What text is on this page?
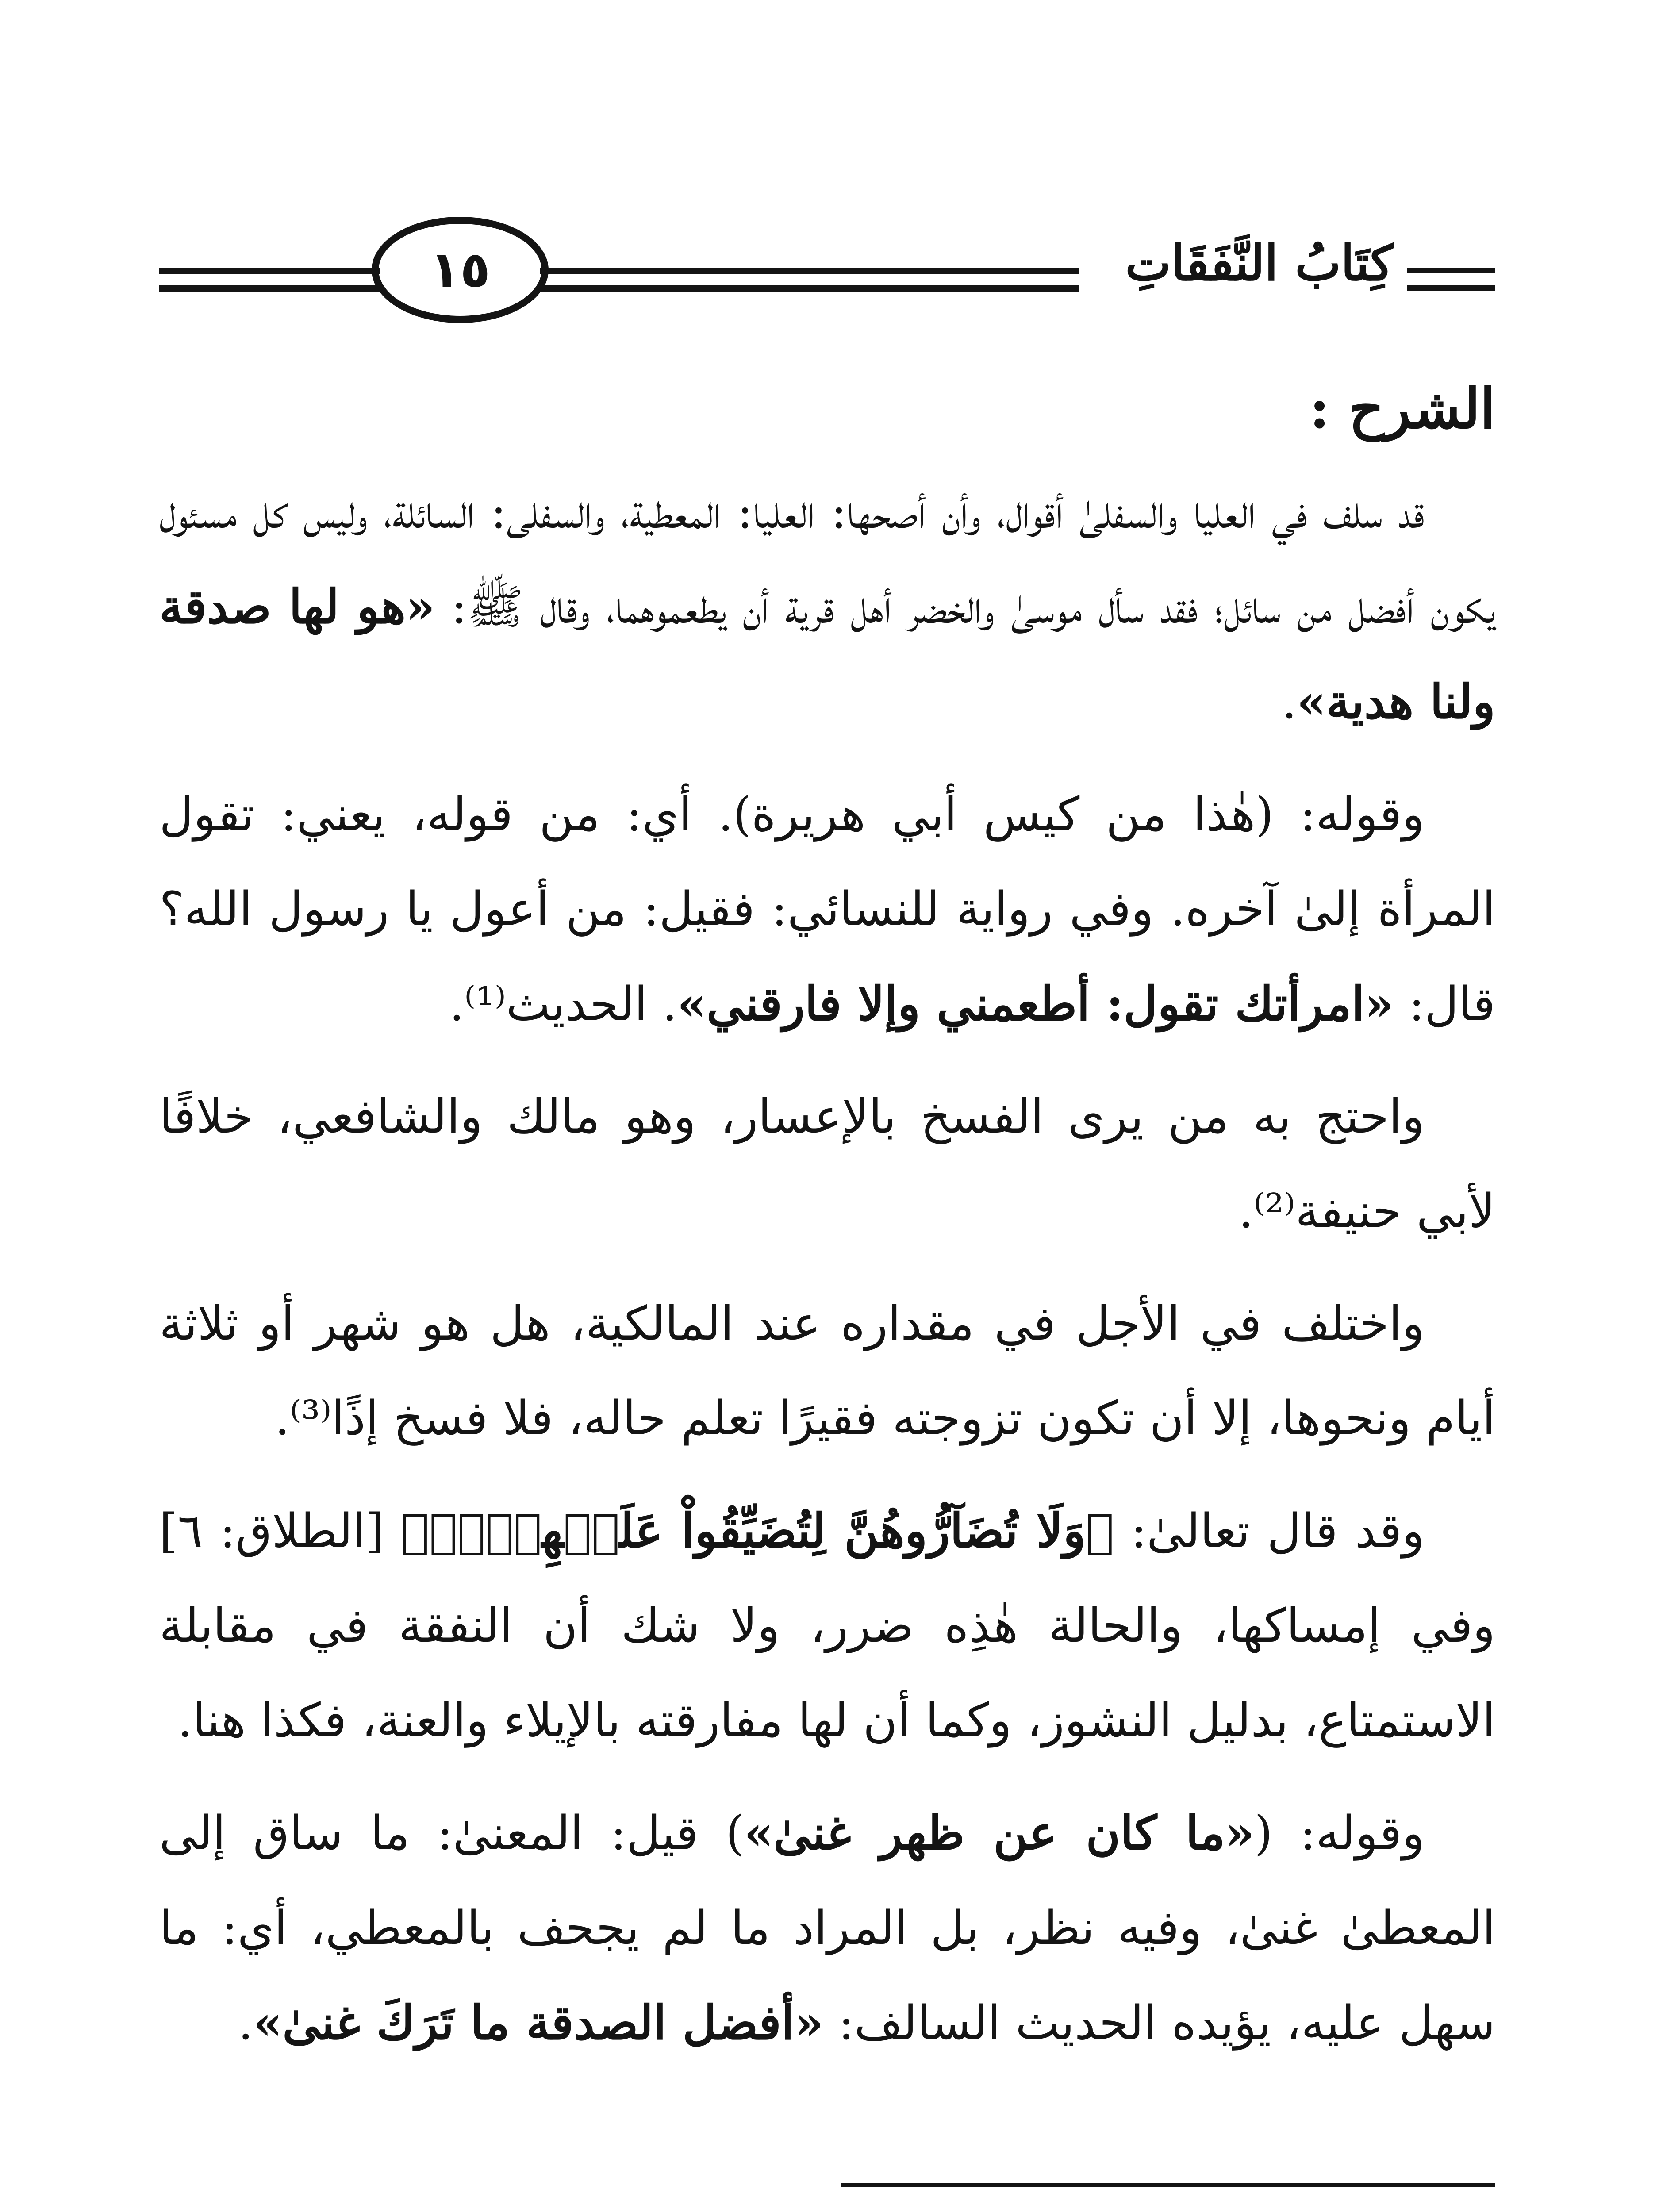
١٥	كِتَابُ النَّفَقَاتِ
الشرح :
قد سلف في العليا والسفلىٰ أقوال، وأن أصحها: العليا: المعطية، والسفلى: السائلة، وليس كل مسئول يكون أفضل من سائل؛ فقد سأل موسىٰ والخضر أهل قرية أن يطعموهما، وقال ﷺ: «هو لها صدقة ولنا هدية».
وقوله: (هٰذا من كيس أبي هريرة). أي: من قوله، يعني: تقول المرأة إلىٰ آخره. وفي رواية للنسائي: فقيل: من أعول يا رسول الله؟ قال: «امرأتك تقول: أطعمني وإلا فارقني». الحديث⁽¹⁾.
واحتج به من يرى الفسخ بالإعسار، وهو مالك والشافعي، خلافًا لأبي حنيفة⁽²⁾.
واختلف في الأجل في مقداره عند المالكية، هل هو شهر أو ثلاثة أيام ونحوها، إلا أن تكون تزوجته فقيرًا تعلم حاله، فلا فسخ إذًا⁽³⁾.
وقد قال تعالىٰ: ﴿وَلَا تُضَآرُّوهُنَّ لِتُضَيِّقُواْ عَلَيۡهِنَّۚ﴾ [الطلاق: ٦] وفي إمساكها، والحالة هٰذِه ضرر، ولا شك أن النفقة في مقابلة الاستمتاع، بدليل النشوز، وكما أن لها مفارقته بالإيلاء والعنة، فكذا هنا.
وقوله: («ما كان عن ظهر غنىٰ») قيل: المعنىٰ: ما ساق إلى المعطىٰ غنىٰ، وفيه نظر، بل المراد ما لم يجحف بالمعطي، أي: ما سهل عليه، يؤيده الحديث السالف: «أفضل الصدقة ما تَرَكَ غنىٰ».
